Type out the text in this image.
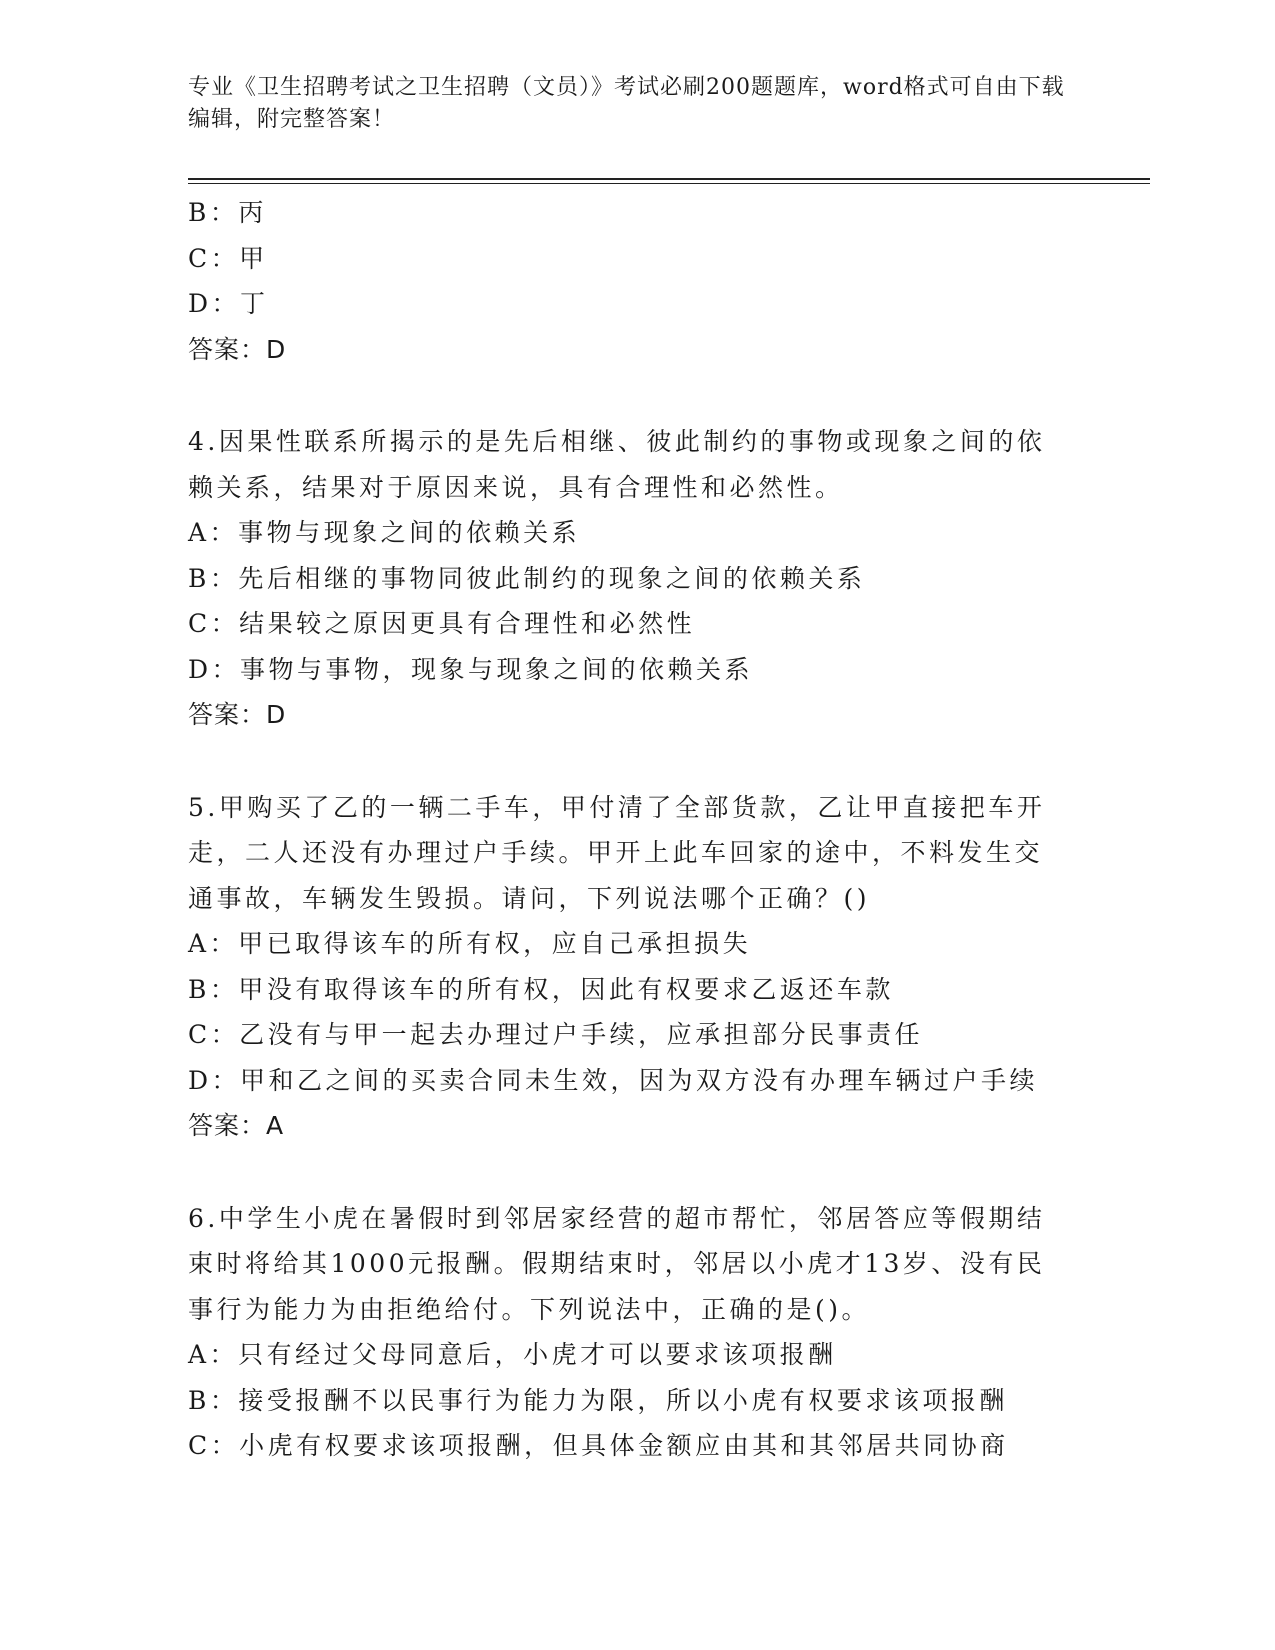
专业《卫生招聘考试之卫生招聘（文员）》考试必刷200题题库，word格式可自由下载编辑，附完整答案！
B：丙
C：甲
D：丁
答案：D
4.因果性联系所揭示的是先后相继、彼此制约的事物或现象之间的依赖关系，结果对于原因来说，具有合理性和必然性。
A：事物与现象之间的依赖关系
B：先后相继的事物同彼此制约的现象之间的依赖关系
C：结果较之原因更具有合理性和必然性
D：事物与事物，现象与现象之间的依赖关系
答案：D
5.甲购买了乙的一辆二手车，甲付清了全部货款，乙让甲直接把车开走，二人还没有办理过户手续。甲开上此车回家的途中，不料发生交通事故，车辆发生毁损。请问，下列说法哪个正确？()
A：甲已取得该车的所有权，应自己承担损失
B：甲没有取得该车的所有权，因此有权要求乙返还车款
C：乙没有与甲一起去办理过户手续，应承担部分民事责任
D：甲和乙之间的买卖合同未生效，因为双方没有办理车辆过户手续
答案：A
6.中学生小虎在暑假时到邻居家经营的超市帮忙，邻居答应等假期结束时将给其1000元报酬。假期结束时，邻居以小虎才13岁、没有民事行为能力为由拒绝给付。下列说法中，正确的是()。
A：只有经过父母同意后，小虎才可以要求该项报酬
B：接受报酬不以民事行为能力为限，所以小虎有权要求该项报酬
C：小虎有权要求该项报酬，但具体金额应由其和其邻居共同协商
